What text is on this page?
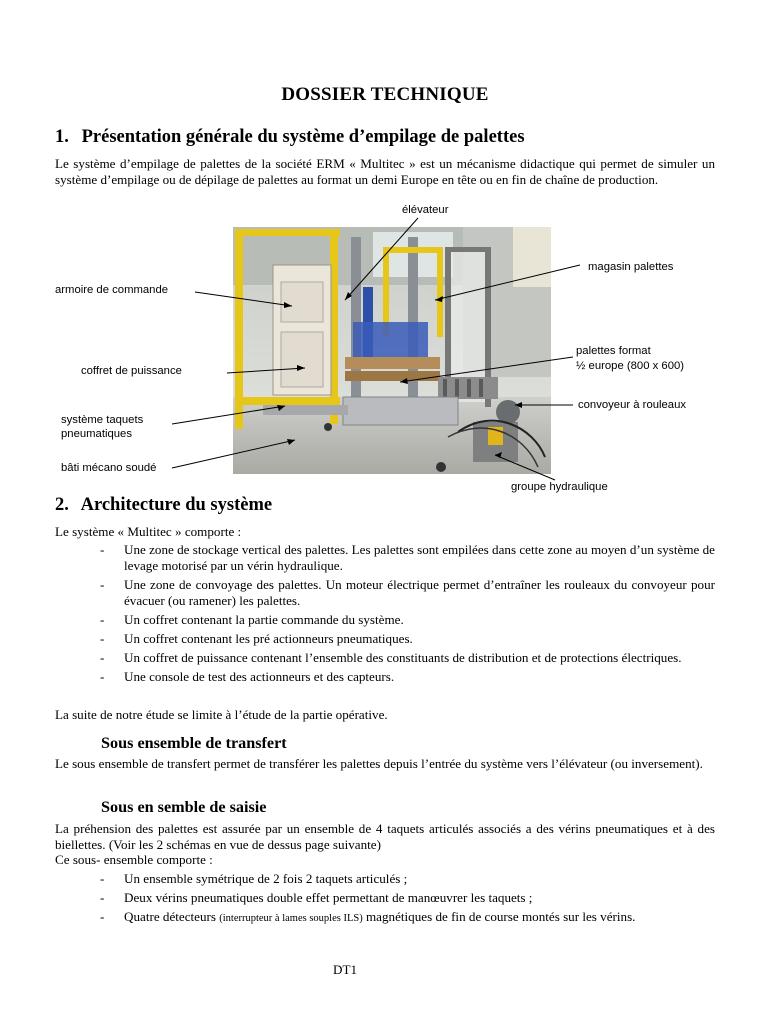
DOSSIER TECHNIQUE
1. Présentation générale du système d’empilage de palettes
Le système d’empilage de palettes de la société ERM « Multitec » est un mécanisme didactique qui permet de simuler un système d’empilage ou de dépilage de palettes au format un demi Europe en tête ou en fin de chaîne de production.
élévateur
magasin palettes
armoire de commande
coffret de puissance
palettes format
½ europe (800 x 600)
système taquets
pneumatiques
convoyeur à rouleaux
bâti mécano soudé
groupe hydraulique
2. Architecture du système
Le système « Multitec » comporte :
- Une zone de stockage vertical des palettes. Les palettes sont empilées dans cette zone au moyen d’un système de levage motorisé par un vérin hydraulique.
- Une zone de convoyage des palettes. Un moteur électrique permet d’entraîner les rouleaux du convoyeur pour évacuer (ou ramener) les palettes.
- Un coffret contenant la partie commande du système.
- Un coffret contenant les pré actionneurs pneumatiques.
- Un coffret de puissance contenant l’ensemble des constituants de distribution et de protections électriques.
- Une console de test des actionneurs et des capteurs.
La suite de notre étude se limite à l’étude de la partie opérative.
Sous ensemble de transfert
Le sous ensemble de transfert permet de transférer les palettes depuis l’entrée du système vers l’élévateur (ou inversement).
Sous en semble de saisie
La préhension des palettes est assurée par un ensemble de 4 taquets articulés associés a des vérins pneumatiques et à des biellettes. (Voir les 2 schémas en vue de dessus page suivante)
Ce sous- ensemble comporte :
- Un ensemble symétrique de 2 fois 2 taquets articulés ;
- Deux vérins pneumatiques double effet permettant de manœuvrer les taquets ;
- Quatre détecteurs (interrupteur à lames souples ILS) magnétiques de fin de course montés sur les vérins.
DT1
